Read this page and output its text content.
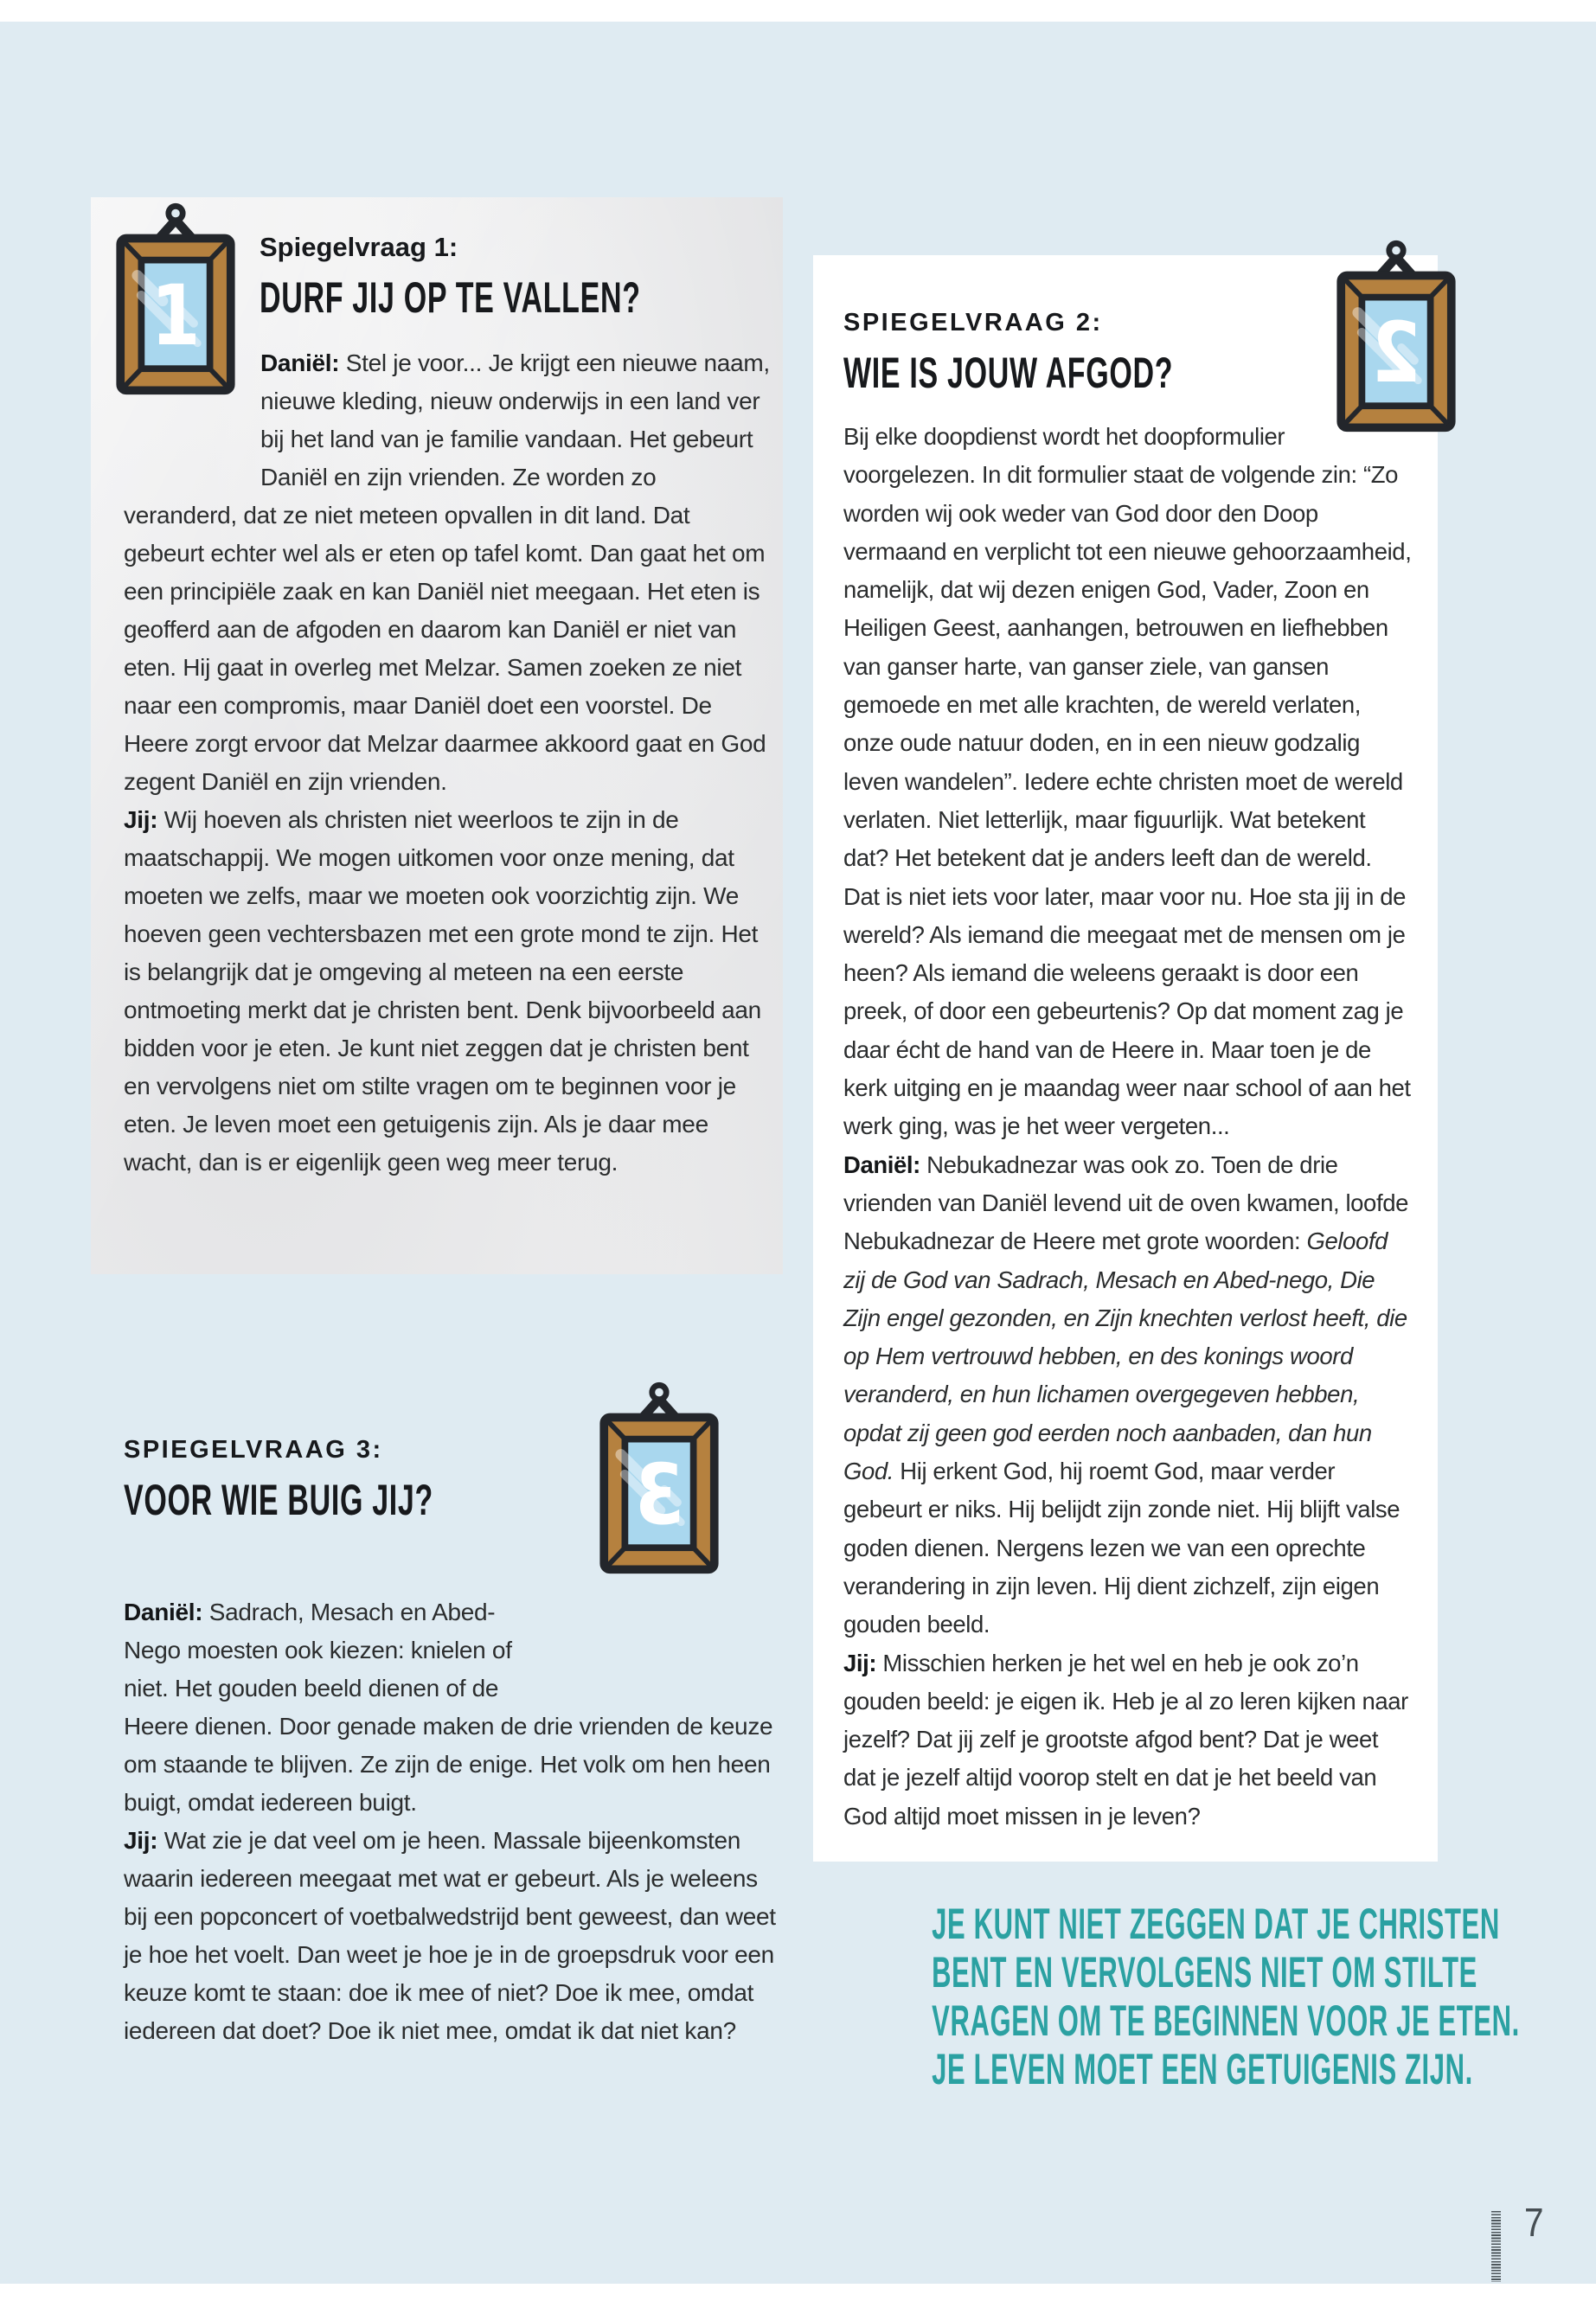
Spiegelvraag 1:
DURF JIJ OP TE VALLEN?

Daniël: Stel je voor... Je krijgt een nieuwe naam, nieuwe kleding, nieuw onderwijs in een land ver bij het land van je familie vandaan. Het gebeurt Daniël en zijn vrienden. Ze worden zo veranderd, dat ze niet meteen opvallen in dit land. Dat gebeurt echter wel als er eten op tafel komt. Dan gaat het om een principiële zaak en kan Daniël niet meegaan. Het eten is geofferd aan de afgoden en daarom kan Daniël er niet van eten. Hij gaat in overleg met Melzar. Samen zoeken ze niet naar een compromis, maar Daniël doet een voorstel. De Heere zorgt ervoor dat Melzar daarmee akkoord gaat en God zegent Daniël en zijn vrienden.

Jij: Wij hoeven als christen niet weerloos te zijn in de maatschappij. We mogen uitkomen voor onze mening, dat moeten we zelfs, maar we moeten ook voorzichtig zijn. We hoeven geen vechtersbazen met een grote mond te zijn. Het is belangrijk dat je omgeving al meteen na een eerste ontmoeting merkt dat je christen bent. Denk bijvoorbeeld aan bidden voor je eten. Je kunt niet zeggen dat je christen bent en vervolgens niet om stilte vragen om te beginnen voor je eten. Je leven moet een getuigenis zijn. Als je daar mee wacht, dan is er eigenlijk geen weg meer terug.

SPIEGELVRAAG 2:
WIE IS JOUW AFGOD?

Bij elke doopdienst wordt het doopformulier voorgelezen. In dit formulier staat de volgende zin: “Zo worden wij ook weder van God door den Doop vermaand en verplicht tot een nieuwe gehoorzaamheid, namelijk, dat wij dezen enigen God, Vader, Zoon en Heiligen Geest, aanhangen, betrouwen en liefhebben van ganser harte, van ganser ziele, van gansen gemoede en met alle krachten, de wereld verlaten, onze oude natuur doden, en in een nieuw godzalig leven wandelen”. Iedere echte christen moet de wereld verlaten. Niet letterlijk, maar figuurlijk. Wat betekent dat? Het betekent dat je anders leeft dan de wereld. Dat is niet iets voor later, maar voor nu. Hoe sta jij in de wereld? Als iemand die meegaat met de mensen om je heen? Als iemand die weleens geraakt is door een preek, of door een gebeurtenis? Op dat moment zag je daar écht de hand van de Heere in. Maar toen je de kerk uitging en je maandag weer naar school of aan het werk ging, was je het weer vergeten...

Daniël: Nebukadnezar was ook zo. Toen de drie vrienden van Daniël levend uit de oven kwamen, loofde Nebukadnezar de Heere met grote woorden: Geloofd zij de God van Sadrach, Mesach en Abed-nego, Die Zijn engel gezonden, en Zijn knechten verlost heeft, die op Hem vertrouwd hebben, en des konings woord veranderd, en hun lichamen overgegeven hebben, opdat zij geen god eerden noch aanbaden, dan hun God. Hij erkent God, hij roemt God, maar verder gebeurt er niks. Hij belijdt zijn zonde niet. Hij blijft valse goden dienen. Nergens lezen we van een oprechte verandering in zijn leven. Hij dient zichzelf, zijn eigen gouden beeld.

Jij: Misschien herken je het wel en heb je ook zo’n gouden beeld: je eigen ik. Heb je al zo leren kijken naar jezelf? Dat jij zelf je grootste afgod bent? Dat je weet dat je jezelf altijd voorop stelt en dat je het beeld van God altijd moet missen in je leven?

SPIEGELVRAAG 3:
VOOR WIE BUIG JIJ?

Daniël: Sadrach, Mesach en Abed-Nego moesten ook kiezen: knielen of niet. Het gouden beeld dienen of de Heere dienen. Door genade maken de drie vrienden de keuze om staande te blijven. Ze zijn de enige. Het volk om hen heen buigt, omdat iedereen buigt.

Jij: Wat zie je dat veel om je heen. Massale bijeenkomsten waarin iedereen meegaat met wat er gebeurt. Als je weleens bij een popconcert of voetbalwedstrijd bent geweest, dan weet je hoe het voelt. Dan weet je hoe je in de groepsdruk voor een keuze komt te staan: doe ik mee of niet? Doe ik mee, omdat iedereen dat doet? Doe ik niet mee, omdat ik dat niet kan?

1	2
3
JE KUNT NIET ZEGGEN DAT JE CHRISTEN
BENT EN VERVOLGENS NIET OM STILTE
VRAGEN OM TE BEGINNEN VOOR JE ETEN.
JE LEVEN MOET EEN GETUIGENIS ZIJN.
7
